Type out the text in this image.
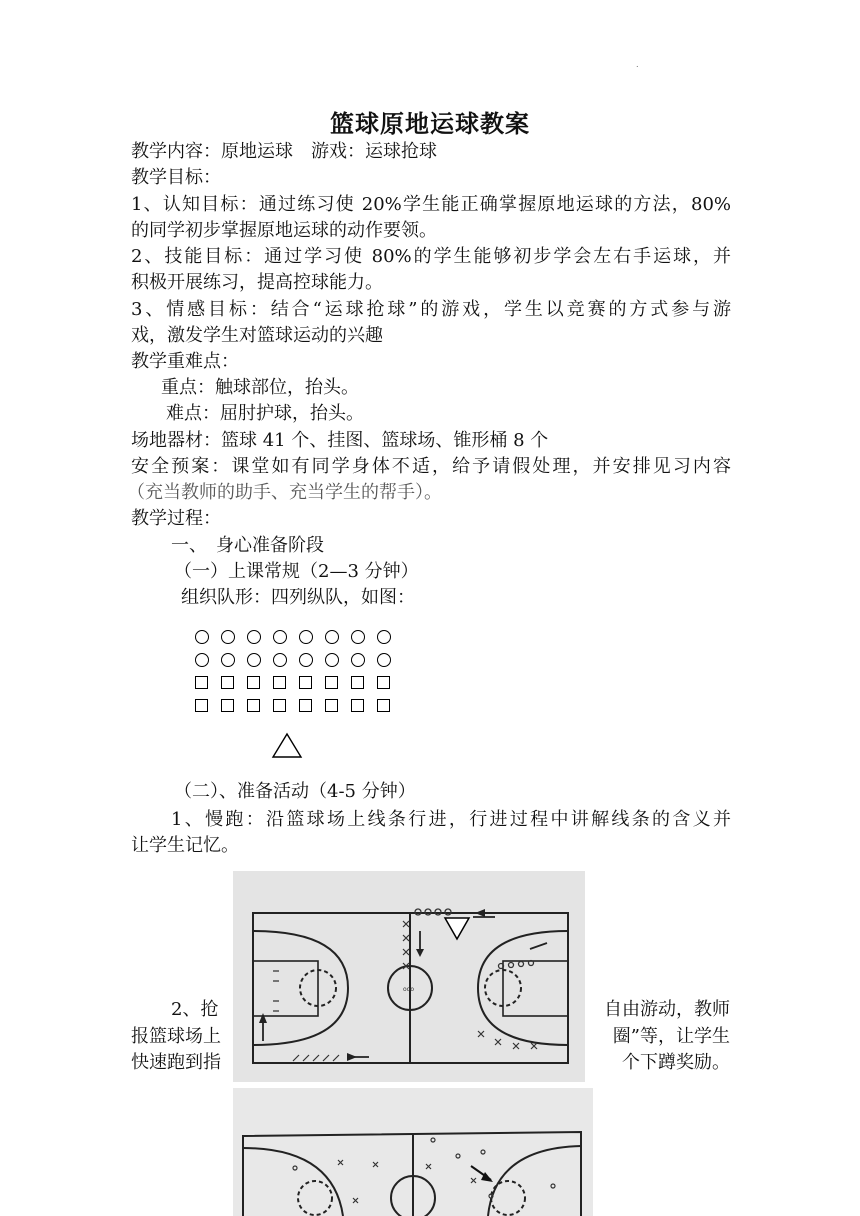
.
篮球原地运球教案
教学内容：原地运球　游戏：运球抢球
教学目标：
1、认知目标：通过练习使 20%学生能正确掌握原地运球的方法，80%
的同学初步掌握原地运球的动作要领。
2、技能目标：通过学习使 80%的学生能够初步学会左右手运球，并
积极开展练习，提高控球能力。
3、情感目标：结合“运球抢球”的游戏，学生以竞赛的方式参与游
戏，激发学生对篮球运动的兴趣
教学重难点：
重点：触球部位，抬头。
难点：屈肘护球，抬头。
场地器材：篮球 41 个、挂图、篮球场、锥形桶 8 个
安全预案：课堂如有同学身体不适，给予请假处理，并安排见习内容
（充当教师的助手、充当学生的帮手）。
教学过程：
一、　身心准备阶段
（一）上课常规（2—3 分钟）
组织队形：四列纵队，如图：
（二）、准备活动（4-5 分钟）
1、慢跑：沿篮球场上线条行进，行进过程中讲解线条的含义并
让学生记忆。
2、抢	自由游动，教师
报篮球场上	圈”等，让学生
快速跑到指	个下蹲奖励。
ooo
